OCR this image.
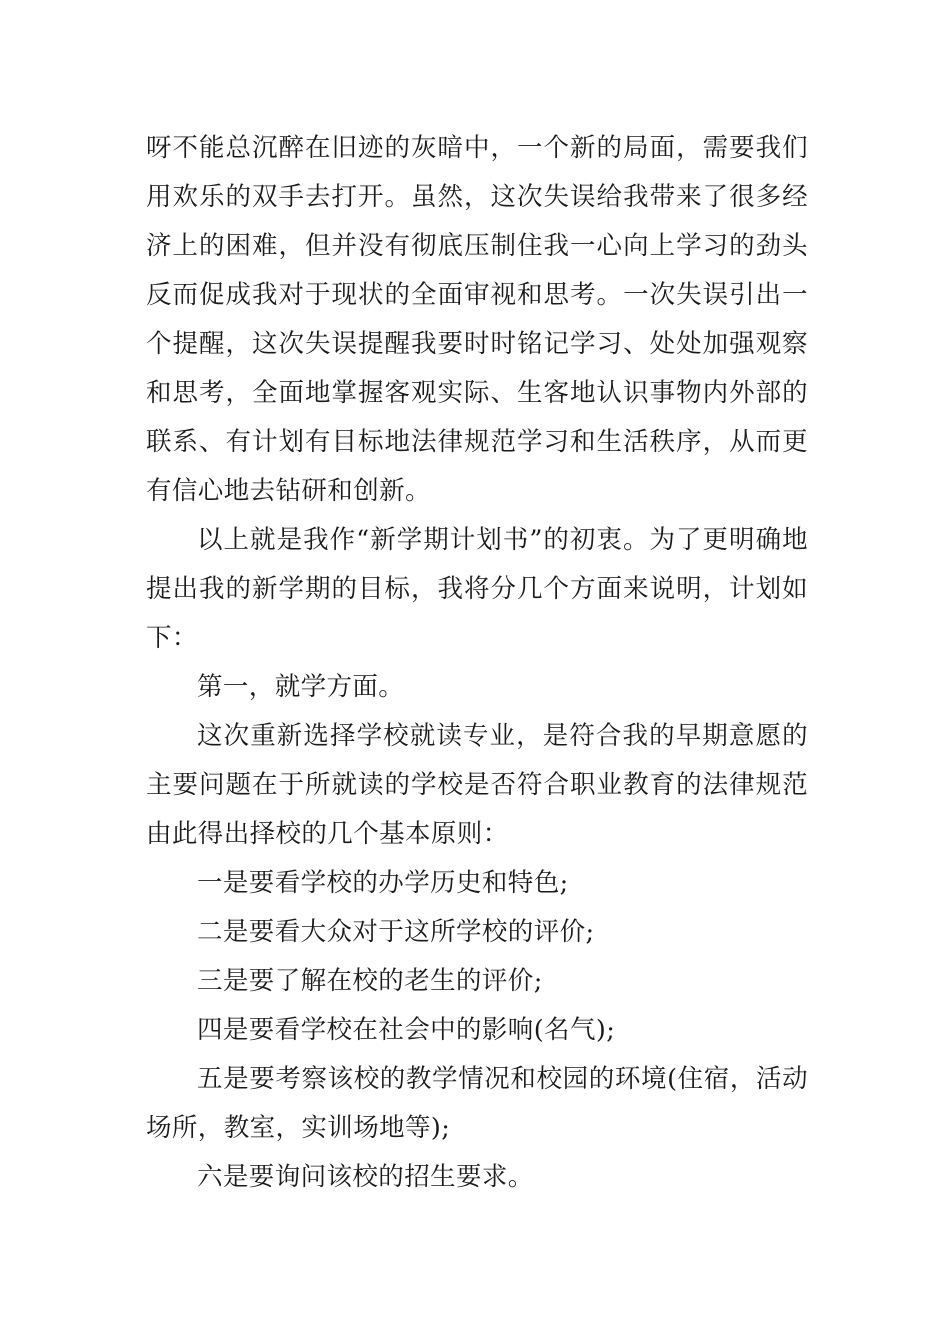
呀不能总沉醉在旧迹的灰暗中，一个新的局面，需要我们用欢乐的双手去打开。虽然，这次失误给我带来了很多经济上的困难，但并没有彻底压制住我一心向上学习的劲头反而促成我对于现状的全面审视和思考。一次失误引出一个提醒，这次失误提醒我要时时铭记学习、处处加强观察和思考，全面地掌握客观实际、生客地认识事物内外部的联系、有计划有目标地法律规范学习和生活秩序，从而更有信心地去钻研和创新。

以上就是我作“新学期计划书”的初衷。为了更明确地提出我的新学期的目标，我将分几个方面来说明，计划如下：

第一，就学方面。

这次重新选择学校就读专业，是符合我的早期意愿的主要问题在于所就读的学校是否符合职业教育的法律规范由此得出择校的几个基本原则：

一是要看学校的办学历史和特色;

二是要看大众对于这所学校的评价;

三是要了解在校的老生的评价;

四是要看学校在社会中的影响(名气);

五是要考察该校的教学情况和校园的环境(住宿，活动场所，教室，实训场地等);

六是要询问该校的招生要求。
